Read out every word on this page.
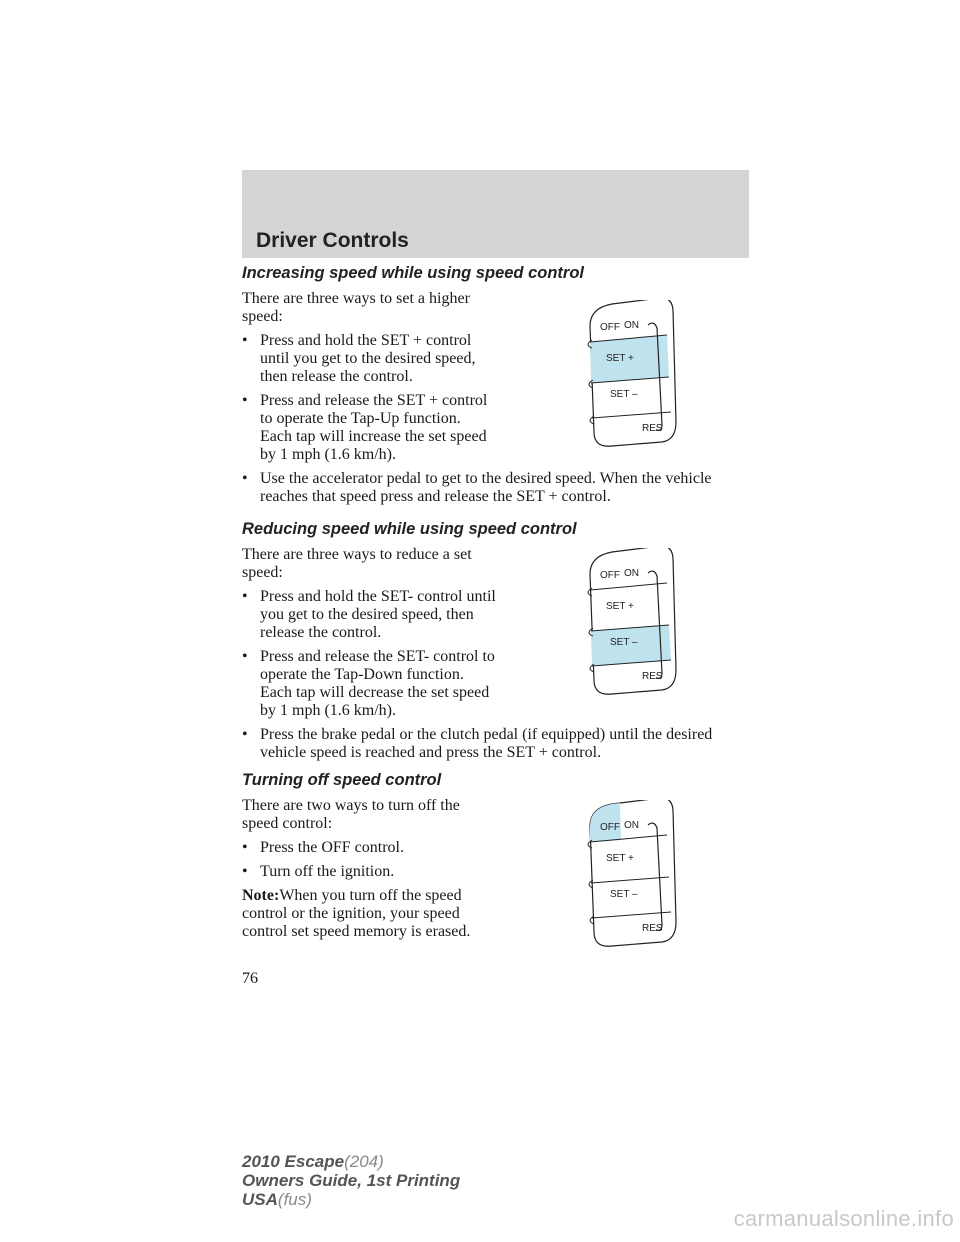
Driver Controls
Increasing speed while using speed control

There are three ways to set a higher speed:

• Press and hold the SET + control until you get to the desired speed, then release the control.
• Press and release the SET + control to operate the Tap-Up function. Each tap will increase the set speed by 1 mph (1.6 km/h).
• Use the accelerator pedal to get to the desired speed. When the vehicle reaches that speed press and release the SET + control.
Reducing speed while using speed control

There are three ways to reduce a set speed:

• Press and hold the SET- control until you get to the desired speed, then release the control.
• Press and release the SET- control to operate the Tap-Down function. Each tap will decrease the set speed by 1 mph (1.6 km/h).
• Press the brake pedal or the clutch pedal (if equipped) until the desired vehicle speed is reached and press the SET + control.
Turning off speed control

There are two ways to turn off the speed control:

• Press the OFF control.
• Turn off the ignition.

Note:When you turn off the speed control or the ignition, your speed control set speed memory is erased.

OFF ON
SET +
SET –
RES
OFF ON
SET +
SET –
RES
OFF ON
SET +
SET –
RES
76
2010 Escape(204)
Owners Guide, 1st Printing
USA(fus)
carmanualsonline.info
